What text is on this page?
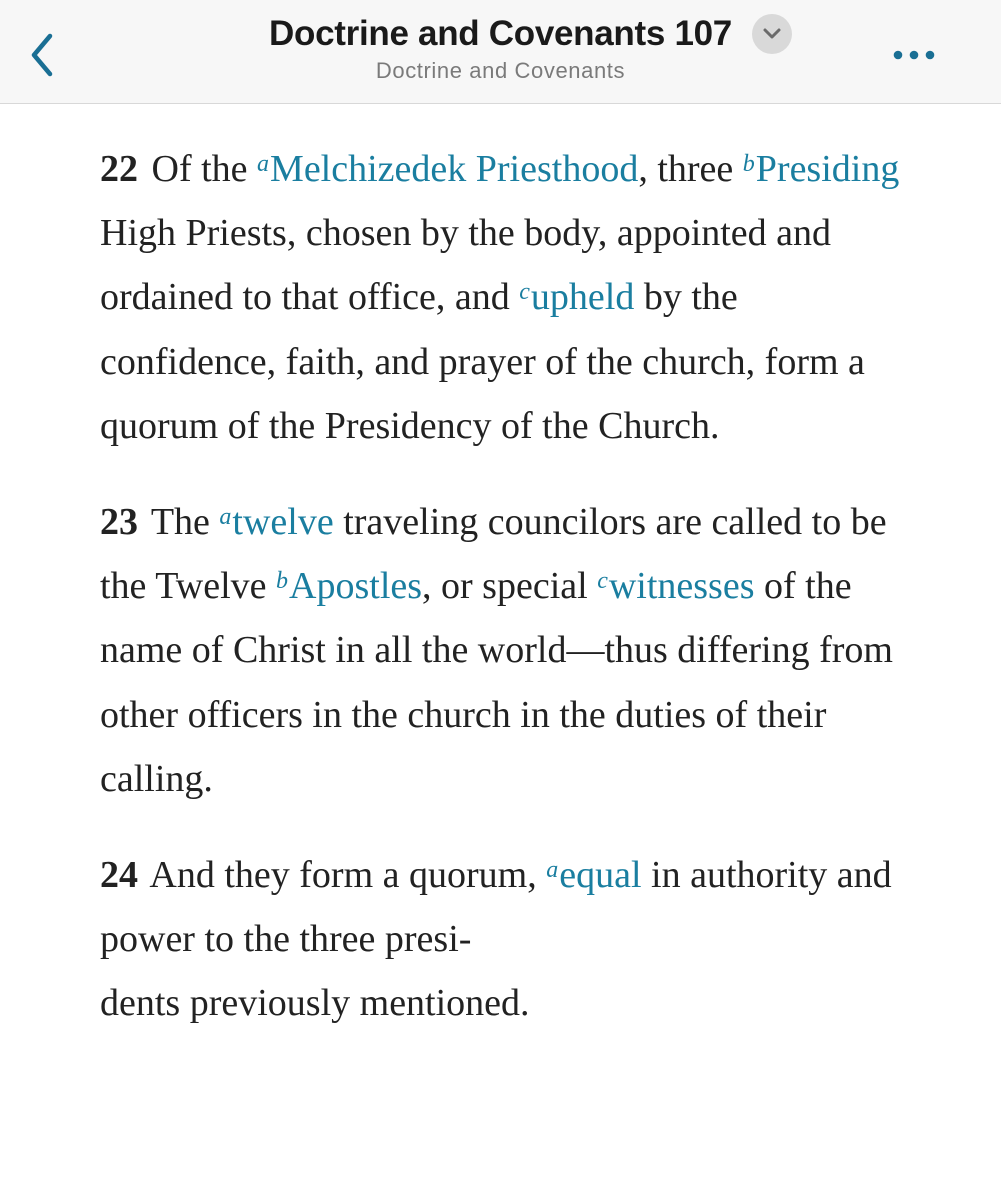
Doctrine and Covenants 107
Doctrine and Covenants

22 Of the $^a$Melchizedek Priesthood, three $^b$Presiding High Priests, chosen by the body, appointed and ordained to that office, and $^c$upheld by the confidence, faith, and prayer of the church, form a quorum of the Presidency of the Church.

23 The $^a$twelve traveling councilors are called to be the Twelve $^b$Apostles, or special $^c$witnesses of the name of Christ in all the world—thus differing from other officers in the church in the duties of their calling.

24 And they form a quorum, $^a$equal in authority and power to the three presi-
dents previously mentioned.
